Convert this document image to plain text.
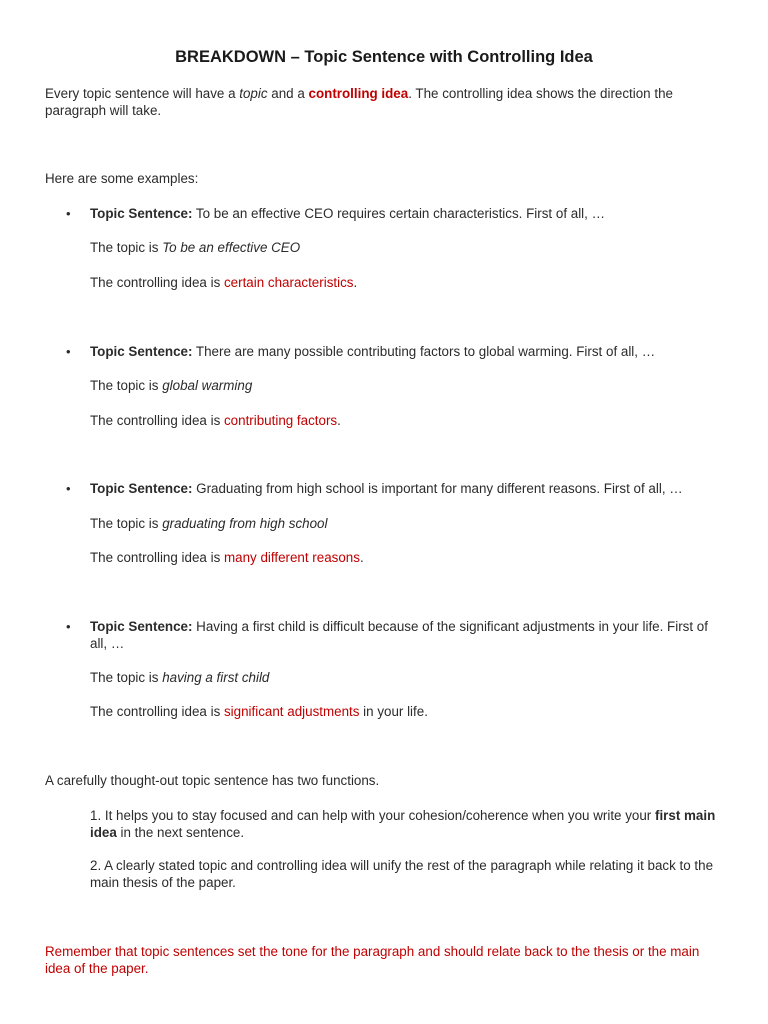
BREAKDOWN – Topic Sentence with Controlling Idea
Every topic sentence will have a topic and a controlling idea. The controlling idea shows the direction the paragraph will take.
Here are some examples:
• Topic Sentence: To be an effective CEO requires certain characteristics. First of all, …
The topic is To be an effective CEO
The controlling idea is certain characteristics.
• Topic Sentence: There are many possible contributing factors to global warming. First of all, …
The topic is global warming
The controlling idea is contributing factors.
• Topic Sentence: Graduating from high school is important for many different reasons. First of all, …
The topic is graduating from high school
The controlling idea is many different reasons.
• Topic Sentence: Having a first child is difficult because of the significant adjustments in your life. First of all, …
The topic is having a first child
The controlling idea is significant adjustments in your life.
A carefully thought-out topic sentence has two functions.
1. It helps you to stay focused and can help with your cohesion/coherence when you write your first main idea in the next sentence.
2. A clearly stated topic and controlling idea will unify the rest of the paragraph while relating it back to the main thesis of the paper.
Remember that topic sentences set the tone for the paragraph and should relate back to the thesis or the main idea of the paper.
